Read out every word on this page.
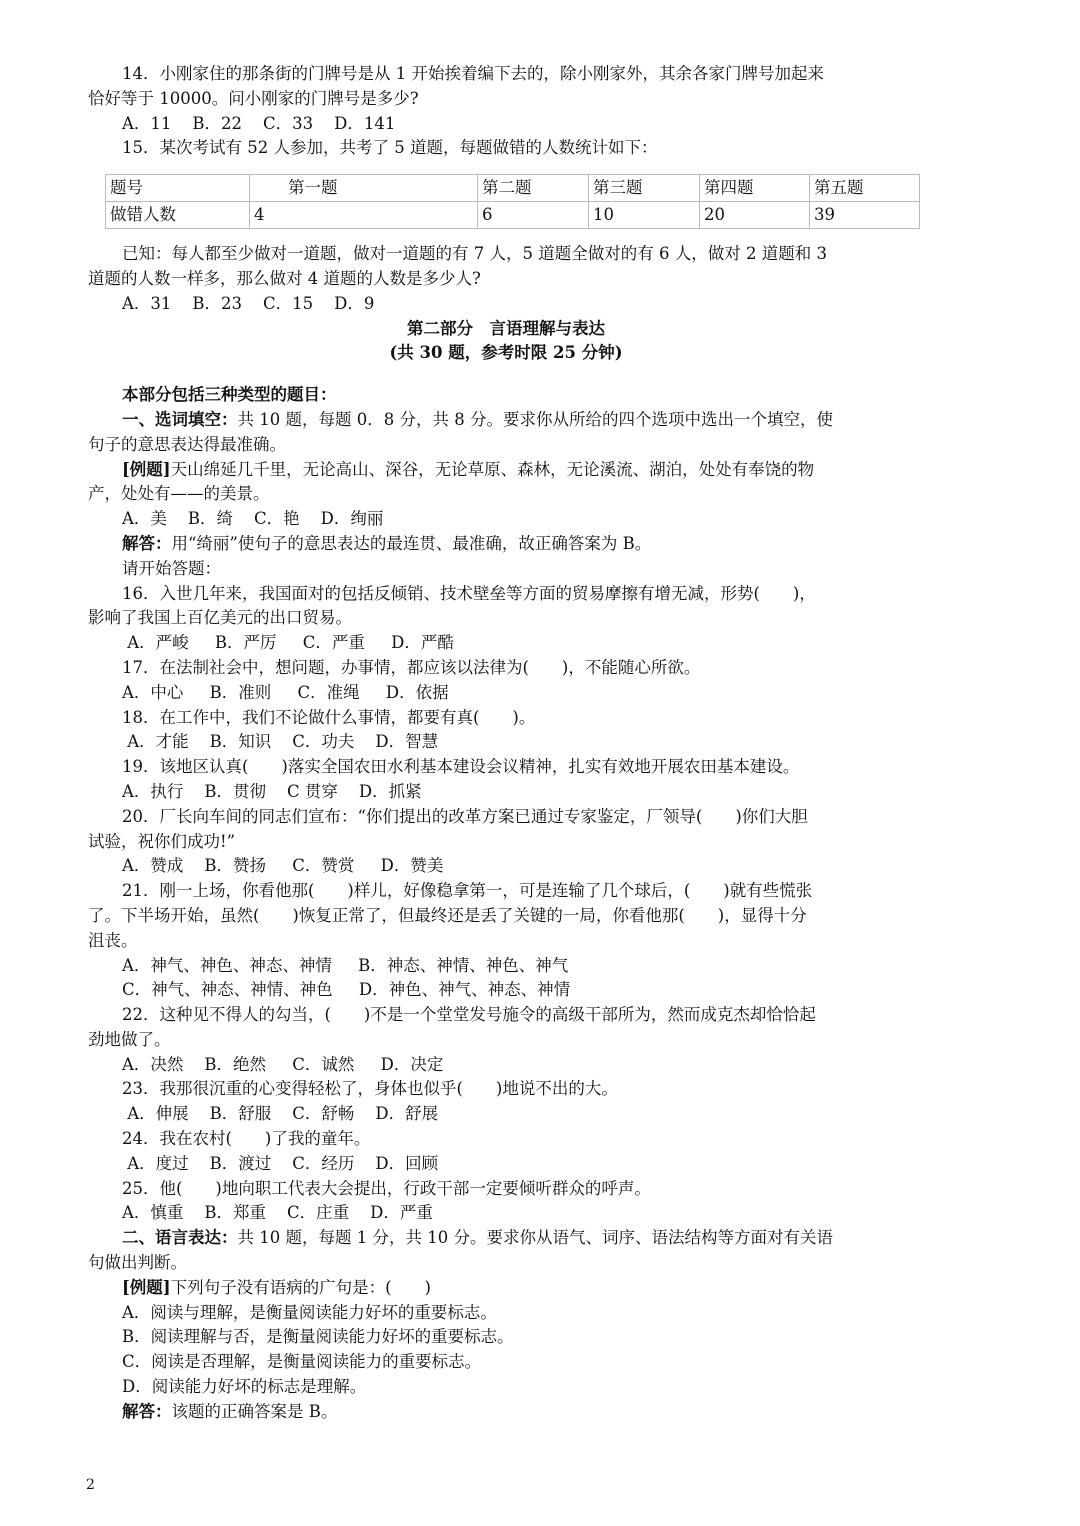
14．小刚家住的那条街的门牌号是从 1 开始挨着编下去的，除小刚家外，其余各家门牌号加起来

恰好等于 10000。问小刚家的门牌号是多少?

A．11    B．22    C．33    D．141

15．某次考试有 52 人参加，共考了 5 道题，每题做错的人数统计如下：

题号	第一题	第二题	第三题	第四题	第五题
做错人数	4	6	10	20	39

已知：每人都至少做对一道题，做对一道题的有 7 人，5 道题全做对的有 6 人，做对 2 道题和 3

道题的人数一样多，那么做对 4 道题的人数是多少人?

A．31    B．23    C．15    D．9

第二部分　言语理解与表达

(共 30 题，参考时限 25 分钟)

本部分包括三种类型的题目：

一、选词填空：共 10 题，每题 0．8 分，共 8 分。要求你从所给的四个选项中选出一个填空，使

句子的意思表达得最准确。

[例题]天山绵延几千里，无论高山、深谷，无论草原、森林，无论溪流、湖泊，处处有奉饶的物

产，处处有——的美景。

A．美    B．绮    C．艳    D．绚丽

解答：用“绮丽”使句子的意思表达的最连贯、最准确，故正确答案为 B。

请开始答题：

16．入世几年来，我国面对的包括反倾销、技术壁垒等方面的贸易摩擦有增无减，形势(　　)，

影响了我国上百亿美元的出口贸易。

A．严峻     B．严厉     C．严重     D．严酷

17．在法制社会中，想问题，办事情，都应该以法律为(　　)，不能随心所欲。

A．中心     B．准则     C．准绳     D．依据

18．在工作中，我们不论做什么事情，都要有真(　　)。

A．才能    B．知识    C．功夫    D．智慧

19．该地区认真(　　)落实全国农田水利基本建设会议精神，扎实有效地开展农田基本建设。

A．执行    B．贯彻    C 贯穿    D．抓紧

20．厂长向车间的同志们宣布：“你们提出的改革方案已通过专家鉴定，厂领导(　　)你们大胆

试验，祝你们成功!”

A．赞成    B．赞扬     C．赞赏     D．赞美

21．刚一上场，你看他那(　　)样儿，好像稳拿第一，可是连输了几个球后，(　　)就有些慌张

了。下半场开始，虽然(　　)恢复正常了，但最终还是丢了关键的一局，你看他那(　　)，显得十分

沮丧。

A．神气、神色、神态、神情     B．神态、神情、神色、神气

C．神气、神态、神情、神色     D．神色、神气、神态、神情

22．这种见不得人的勾当，(　　)不是一个堂堂发号施令的高级干部所为，然而成克杰却恰恰起

劲地做了。

A．决然    B．绝然     C．诚然     D．决定

23．我那很沉重的心变得轻松了，身体也似乎(　　)地说不出的大。

A．伸展    B．舒服    C．舒畅    D．舒展

24．我在农村(　　)了我的童年。

A．度过    B．渡过    C．经历    D．回顾

25．他(　　)地向职工代表大会提出，行政干部一定要倾听群众的呼声。

A．慎重    B．郑重    C．庄重    D．严重

二、语言表达：共 10 题，每题 1 分，共 10 分。要求你从语气、词序、语法结构等方面对有关语

句做出判断。

[例题]下列句子没有语病的广句是：(　　)

A．阅读与理解，是衡量阅读能力好坏的重要标志。

B．阅读理解与否，是衡量阅读能力好坏的重要标志。

C．阅读是否理解，是衡量阅读能力的重要标志。

D．阅读能力好坏的标志是理解。

解答：该题的正确答案是 B。

2
